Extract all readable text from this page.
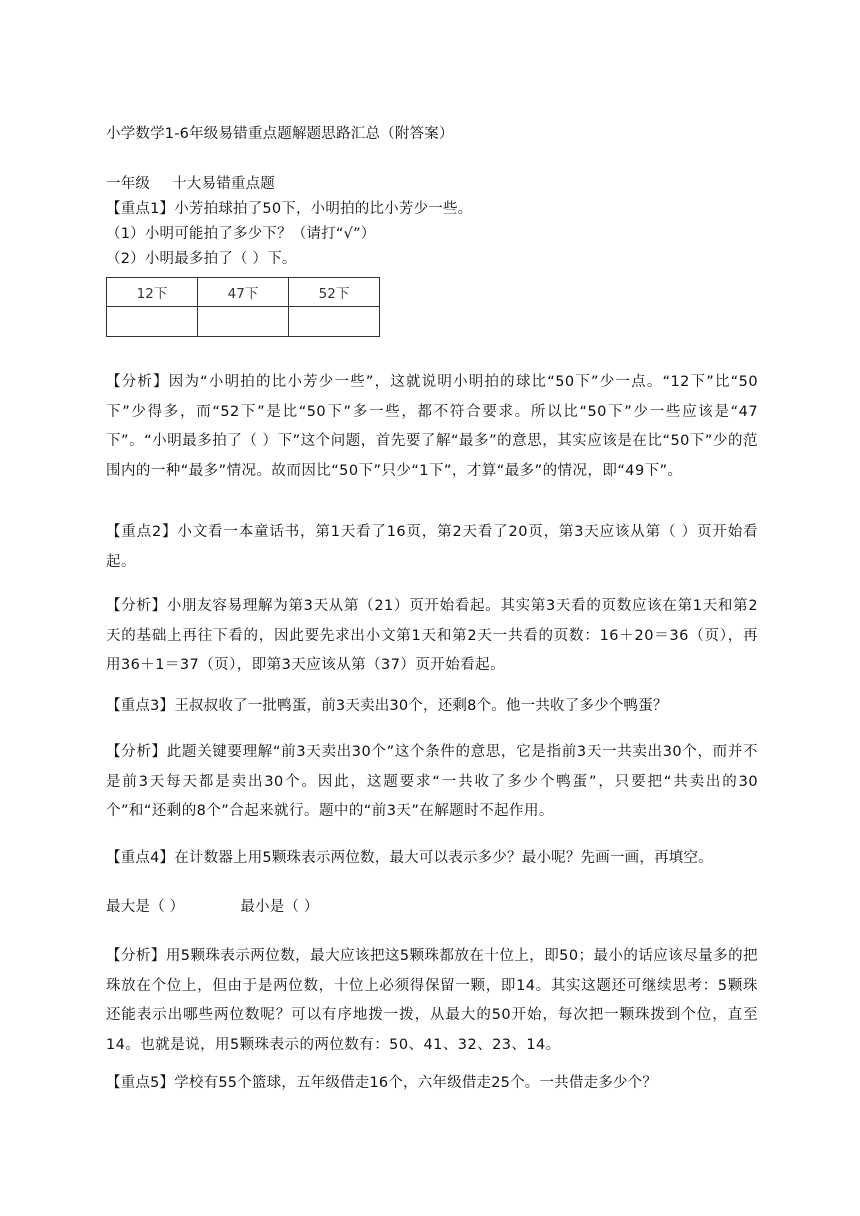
小学数学1-6年级易错重点题解题思路汇总（附答案）
一年级 十大易错重点题
【重点1】小芳拍球拍了50下，小明拍的比小芳少一些。
（1）小明可能拍了多少下？（请打“√”）
（2）小明最多拍了（ ）下。
12下	47下	52下

【分析】因为“小明拍的比小芳少一些”，这就说明小明拍的球比“50下”少一点。“12下”比“50下”少得多，而“52下”是比“50下”多一些，都不符合要求。所以比“50下”少一些应该是“47下”。“小明最多拍了（ ）下”这个问题，首先要了解“最多”的意思，其实应该是在比“50下”少的范围内的一种“最多”情况。故而因比“50下”只少“1下”，才算“最多”的情况，即“49下”。

【重点2】小文看一本童话书，第1天看了16页，第2天看了20页，第3天应该从第（ ）页开始看起。

【分析】小朋友容易理解为第3天从第（21）页开始看起。其实第3天看的页数应该在第1天和第2天的基础上再往下看的，因此要先求出小文第1天和第2天一共看的页数：16＋20＝36（页），再用36＋1＝37（页），即第3天应该从第（37）页开始看起。

【重点3】王叔叔收了一批鸭蛋，前3天卖出30个，还剩8个。他一共收了多少个鸭蛋？

【分析】此题关键要理解“前3天卖出30个”这个条件的意思，它是指前3天一共卖出30个，而并不是前3天每天都是卖出30个。因此，这题要求“一共收了多少个鸭蛋”，只要把“共卖出的30个”和“还剩的8个”合起来就行。题中的“前3天”在解题时不起作用。

【重点4】在计数器上用5颗珠表示两位数，最大可以表示多少？最小呢？先画一画，再填空。
最大是（ ）	最小是（ ）

【分析】用5颗珠表示两位数，最大应该把这5颗珠都放在十位上，即50；最小的话应该尽量多的把珠放在个位上，但由于是两位数，十位上必须得保留一颗，即14。其实这题还可继续思考：5颗珠还能表示出哪些两位数呢？可以有序地拨一拨，从最大的50开始，每次把一颗珠拨到个位，直至14。也就是说，用5颗珠表示的两位数有：50、41、32、23、14。

【重点5】学校有55个篮球，五年级借走16个，六年级借走25个。一共借走多少个？
